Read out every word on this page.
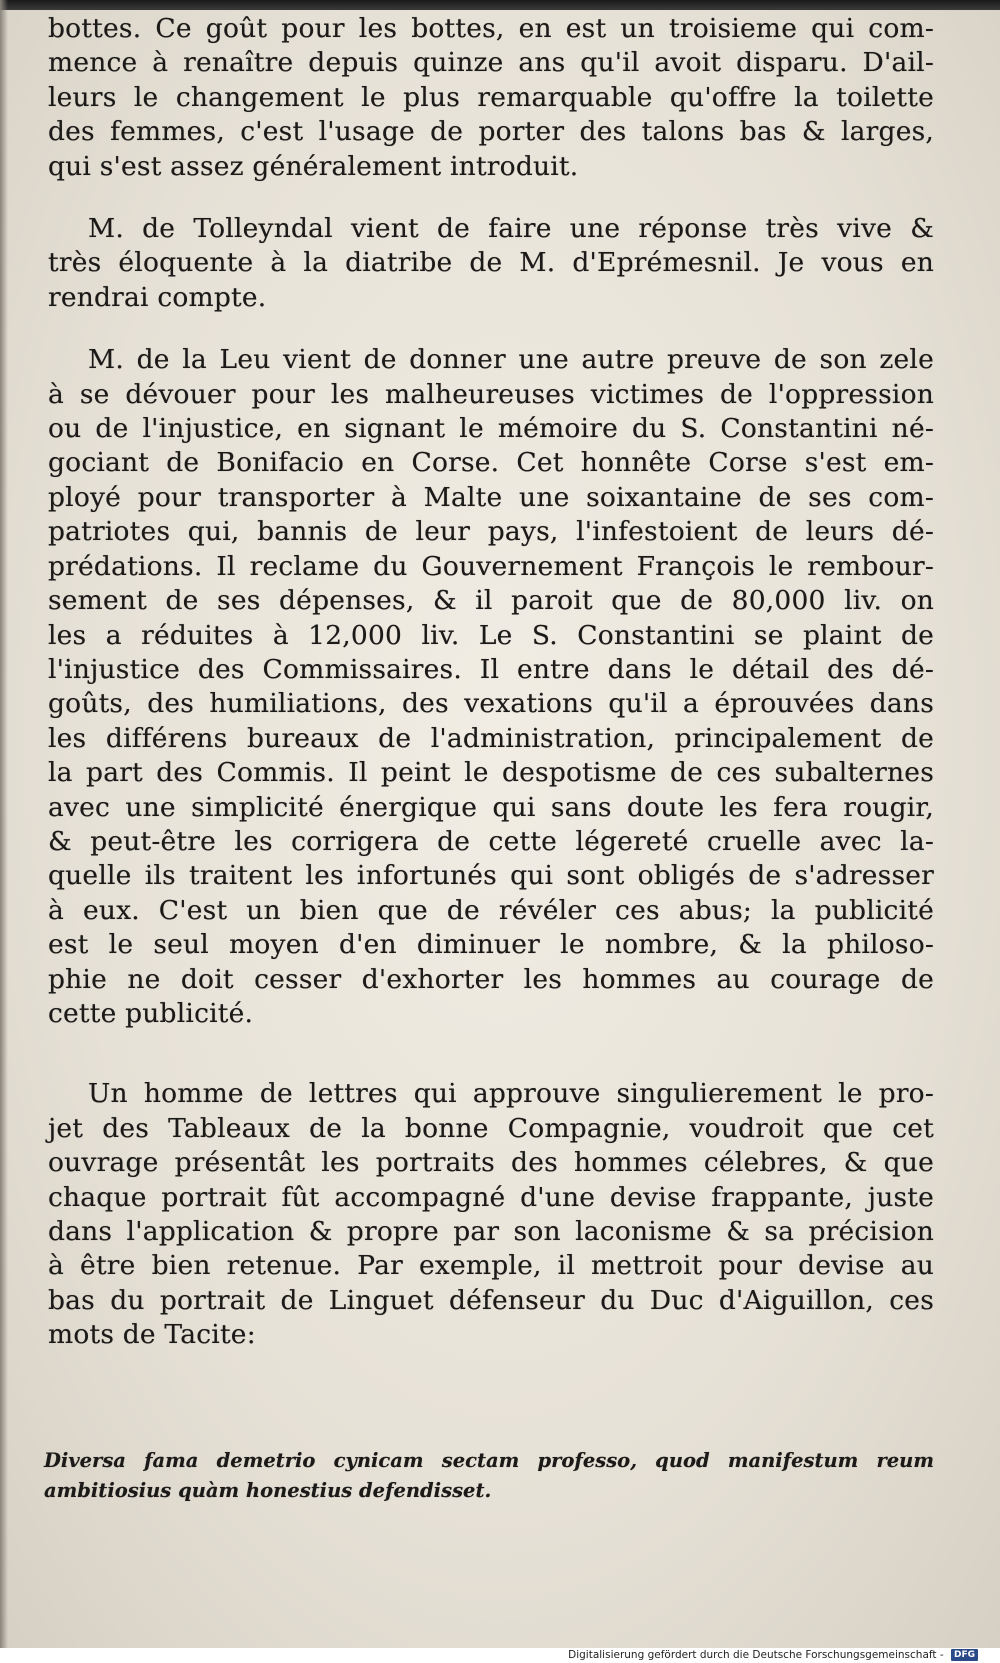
bottes. Ce goût pour les bottes, en est un troisieme qui com-
mence à renaître depuis quinze ans qu'il avoit disparu. D'ail-
leurs le changement le plus remarquable qu'offre la toilette
des femmes, c'est l'usage de porter des talons bas & larges,
qui s'est assez généralement introduit.

M. de Tolleyndal vient de faire une réponse très vive &
très éloquente à la diatribe de M. d'Eprémesnil. Je vous en
rendrai compte.

M. de la Leu vient de donner une autre preuve de son zele
à se dévouer pour les malheureuses victimes de l'oppression
ou de l'injustice, en signant le mémoire du S. Constantini né-
gociant de Bonifacio en Corse. Cet honnête Corse s'est em-
ployé pour transporter à Malte une soixantaine de ses com-
patriotes qui, bannis de leur pays, l'infestoient de leurs dé-
prédations. Il reclame du Gouvernement François le rembour-
sement de ses dépenses, & il paroit que de 80,000 liv. on
les a réduites à 12,000 liv. Le S. Constantini se plaint de
l'injustice des Commissaires. Il entre dans le détail des dé-
goûts, des humiliations, des vexations qu'il a éprouvées dans
les différens bureaux de l'administration, principalement de
la part des Commis. Il peint le despotisme de ces subalternes
avec une simplicité énergique qui sans doute les fera rougir,
& peut-être les corrigera de cette légereté cruelle avec la-
quelle ils traitent les infortunés qui sont obligés de s'adresser
à eux. C'est un bien que de révéler ces abus; la publicité
est le seul moyen d'en diminuer le nombre, & la philoso-
phie ne doit cesser d'exhorter les hommes au courage de
cette publicité.

Un homme de lettres qui approuve singulierement le pro-
jet des Tableaux de la bonne Compagnie, voudroit que cet
ouvrage présentât les portraits des hommes célebres, & que
chaque portrait fût accompagné d'une devise frappante, juste
dans l'application & propre par son laconisme & sa précision
à être bien retenue. Par exemple, il mettroit pour devise au
bas du portrait de Linguet défenseur du Duc d'Aiguillon, ces
mots de Tacite:

Diversa fama demetrio cynicam sectam professo, quod manifestum reum
ambitiosius quàm honestius defendisset.
Digitalisierung gefördert durch die Deutsche Forschungsgemeinschaft - DFG
